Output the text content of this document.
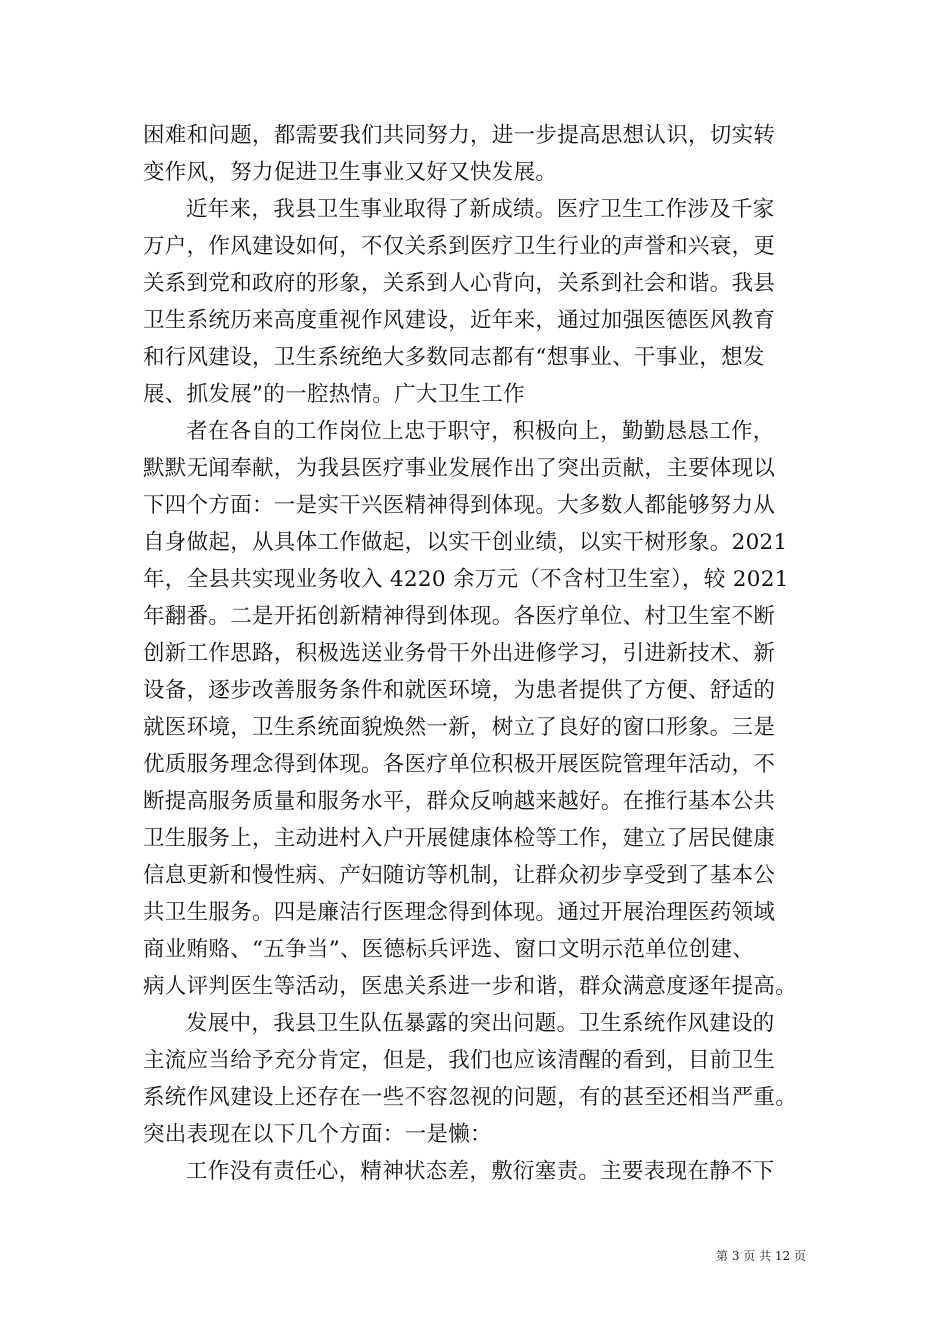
困难和问题，都需要我们共同努力，进一步提高思想认识，切实转
变作风，努力促进卫生事业又好又快发展。
近年来，我县卫生事业取得了新成绩。医疗卫生工作涉及千家
万户，作风建设如何，不仅关系到医疗卫生行业的声誉和兴衰，更
关系到党和政府的形象，关系到人心背向，关系到社会和谐。我县
卫生系统历来高度重视作风建设，近年来，通过加强医德医风教育
和行风建设，卫生系统绝大多数同志都有“想事业、干事业，想发
展、抓发展”的一腔热情。广大卫生工作
者在各自的工作岗位上忠于职守，积极向上，勤勤恳恳工作，
默默无闻奉献，为我县医疗事业发展作出了突出贡献，主要体现以
下四个方面：一是实干兴医精神得到体现。大多数人都能够努力从
自身做起，从具体工作做起，以实干创业绩，以实干树形象。2021
年，全县共实现业务收入 4220 余万元（不含村卫生室），较 2021
年翻番。二是开拓创新精神得到体现。各医疗单位、村卫生室不断
创新工作思路，积极选送业务骨干外出进修学习，引进新技术、新
设备，逐步改善服务条件和就医环境，为患者提供了方便、舒适的
就医环境，卫生系统面貌焕然一新，树立了良好的窗口形象。三是
优质服务理念得到体现。各医疗单位积极开展医院管理年活动，不
断提高服务质量和服务水平，群众反响越来越好。在推行基本公共
卫生服务上，主动进村入户开展健康体检等工作，建立了居民健康
信息更新和慢性病、产妇随访等机制，让群众初步享受到了基本公
共卫生服务。四是廉洁行医理念得到体现。通过开展治理医药领域
商业贿赂、“五争当”、医德标兵评选、窗口文明示范单位创建、
病人评判医生等活动，医患关系进一步和谐，群众满意度逐年提高。
发展中，我县卫生队伍暴露的突出问题。卫生系统作风建设的
主流应当给予充分肯定，但是，我们也应该清醒的看到，目前卫生
系统作风建设上还存在一些不容忽视的问题，有的甚至还相当严重。
突出表现在以下几个方面：一是懒：
工作没有责任心，精神状态差，敷衍塞责。主要表现在静不下
第 3 页 共 12 页
